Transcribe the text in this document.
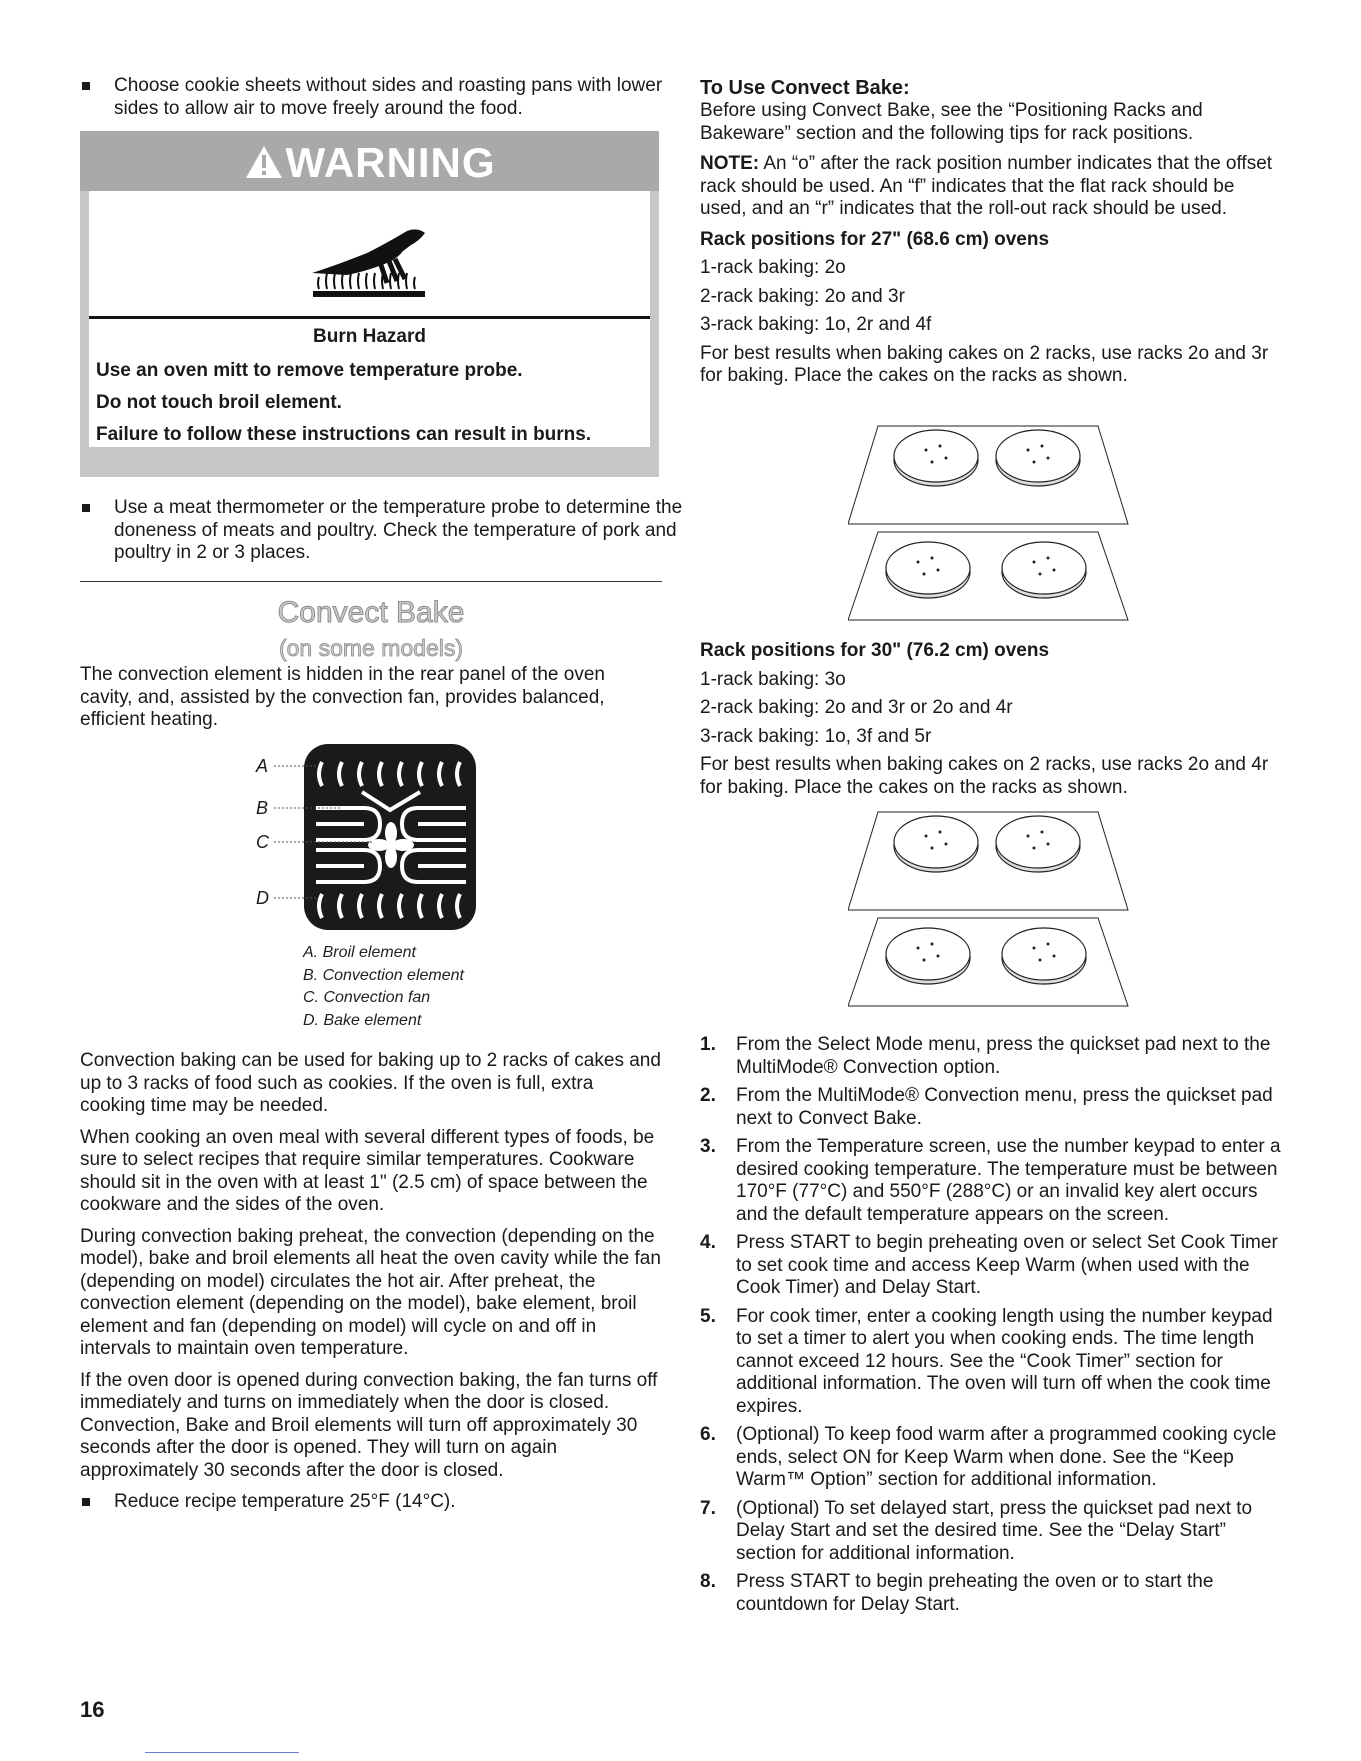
Choose cookie sheets without sides and roasting pans with lower sides to allow air to move freely around the food.
WARNING
Burn Hazard
Use an oven mitt to remove temperature probe.
Do not touch broil element.
Failure to follow these instructions can result in burns.
Use a meat thermometer or the temperature probe to determine the doneness of meats and poultry. Check the temperature of pork and poultry in 2 or 3 places.
Convect Bake
(on some models)

The convection element is hidden in the rear panel of the oven cavity, and, assisted by the convection fan, provides balanced, efficient heating.

A
B
C
D
A. Broil element
B. Convection element
C. Convection fan
D. Bake element

Convection baking can be used for baking up to 2 racks of cakes and up to 3 racks of food such as cookies. If the oven is full, extra cooking time may be needed.

When cooking an oven meal with several different types of foods, be sure to select recipes that require similar temperatures. Cookware should sit in the oven with at least 1" (2.5 cm) of space between the cookware and the sides of the oven.

During convection baking preheat, the convection (depending on the model), bake and broil elements all heat the oven cavity while the fan (depending on model) circulates the hot air. After preheat, the convection element (depending on the model), bake element, broil element and fan (depending on model) will cycle on and off in intervals to maintain oven temperature.

If the oven door is opened during convection baking, the fan turns off immediately and turns on immediately when the door is closed. Convection, Bake and Broil elements will turn off approximately 30 seconds after the door is opened. They will turn on again approximately 30 seconds after the door is closed.

Reduce recipe temperature 25°F (14°C).
To Use Convect Bake:

Before using Convect Bake, see the “Positioning Racks and Bakeware” section and the following tips for rack positions.

NOTE: An “o” after the rack position number indicates that the offset rack should be used. An “f” indicates that the flat rack should be used, and an “r” indicates that the roll-out rack should be used.

Rack positions for 27" (68.6 cm) ovens

1-rack baking: 2o

2-rack baking: 2o and 3r

3-rack baking: 1o, 2r and 4f

For best results when baking cakes on 2 racks, use racks 2o and 3r for baking. Place the cakes on the racks as shown.

Rack positions for 30" (76.2 cm) ovens

1-rack baking: 3o

2-rack baking: 2o and 3r or 2o and 4r

3-rack baking: 1o, 3f and 5r

For best results when baking cakes on 2 racks, use racks 2o and 4r for baking. Place the cakes on the racks as shown.

1. From the Select Mode menu, press the quickset pad next to the MultiMode® Convection option.
2. From the MultiMode® Convection menu, press the quickset pad next to Convect Bake.
3. From the Temperature screen, use the number keypad to enter a desired cooking temperature. The temperature must be between 170°F (77°C) and 550°F (288°C) or an invalid key alert occurs and the default temperature appears on the screen.
4. Press START to begin preheating oven or select Set Cook Timer to set cook time and access Keep Warm (when used with the Cook Timer) and Delay Start.
5. For cook timer, enter a cooking length using the number keypad to set a timer to alert you when cooking ends. The time length cannot exceed 12 hours. See the “Cook Timer” section for additional information. The oven will turn off when the cook time expires.
6. (Optional) To keep food warm after a programmed cooking cycle ends, select ON for Keep Warm when done. See the “Keep Warm™ Option” section for additional information.
7. (Optional) To set delayed start, press the quickset pad next to Delay Start and set the desired time. See the “Delay Start” section for additional information.
8. Press START to begin preheating the oven or to start the countdown for Delay Start.
16
